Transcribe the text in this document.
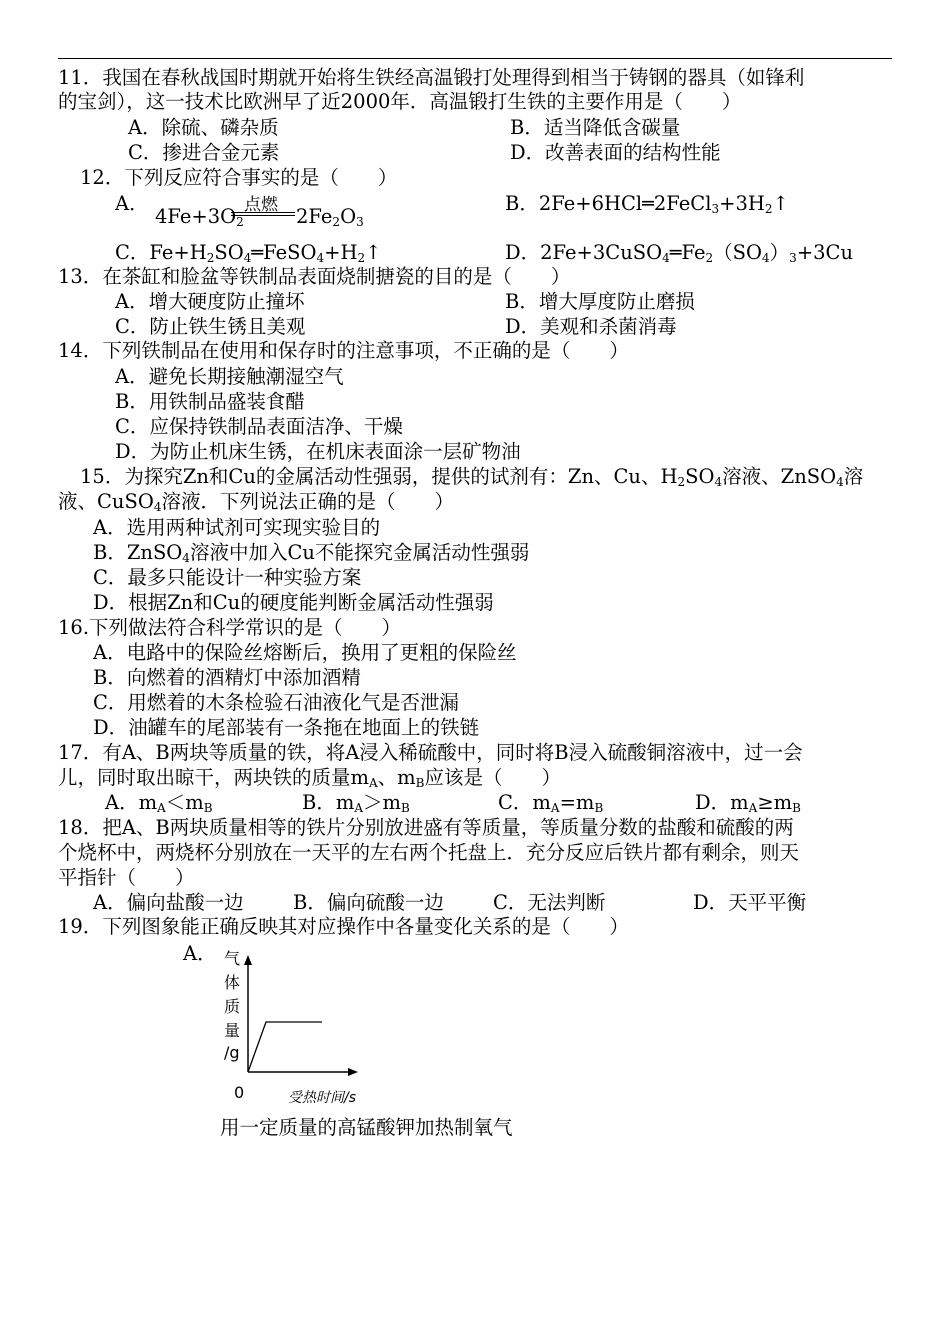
11．我国在春秋战国时期就开始将生铁经高温锻打处理得到相当于铸钢的器具（如锋利
的宝剑），这一技术比欧洲早了近2000年．高温锻打生铁的主要作用是（　　）
A．除硫、磷杂质	B．适当降低含碳量
C．掺进合金元素	D．改善表面的结构性能
12．下列反应符合事实的是（　　）
A．
$4Fe+3O_2$
点燃 $2Fe_2O_3$
B．$2Fe+6HCl═2FeCl_3+3H_2↑$
C．$Fe+H_2SO_4═FeSO_4+H_2↑$	D．$2Fe+3CuSO_4═Fe_2(SO_4)_3+3Cu$
13．在茶缸和脸盆等铁制品表面烧制搪瓷的目的是（　　）
A．增大硬度防止撞坏	B．增大厚度防止磨损
C．防止铁生锈且美观	D．美观和杀菌消毒
14．下列铁制品在使用和保存时的注意事项，不正确的是（　　）
A．避免长期接触潮湿空气
B．用铁制品盛装食醋
C．应保持铁制品表面洁净、干燥
D．为防止机床生锈，在机床表面涂一层矿物油
15．为探究Zn和Cu的金属活动性强弱，提供的试剂有：Zn、Cu、$H_2SO_4$溶液、ZnSO$_4$溶
液、CuSO$_4$溶液．下列说法正确的是（　　）
A．选用两种试剂可实现实验目的
B．ZnSO$_4$溶液中加入Cu不能探究金属活动性强弱
C．最多只能设计一种实验方案
D．根据Zn和Cu的硬度能判断金属活动性强弱
16.下列做法符合科学常识的是（　　）
A．电路中的保险丝熔断后，换用了更粗的保险丝
B．向燃着的酒精灯中添加酒精
C．用燃着的木条检验石油液化气是否泄漏
D．油罐车的尾部装有一条拖在地面上的铁链
17．有A、B两块等质量的铁，将A浸入稀硫酸中，同时将B浸入硫酸铜溶液中，过一会
儿，同时取出晾干，两块铁的质量$m_A$、$m_B$应该是（　　）
A．$m_A<m_B$	B．$m_A>m_B$	C．$m_A=m_B$	D．$m_A\ge m_B$
18．把A、B两块质量相等的铁片分别放进盛有等质量，等质量分数的盐酸和硫酸的两
个烧杯中，两烧杯分别放在一天平的左右两个托盘上．充分反应后铁片都有剩余，则天
平指针（　　）
A．偏向盐酸一边	B．偏向硫酸一边	C．无法判断	D．天平平衡
19．下列图象能正确反映其对应操作中各量变化关系的是（　　）
A． 气
体
质
量
/g
0	受热时间/s
用一定质量的高锰酸钾加热制氧气
